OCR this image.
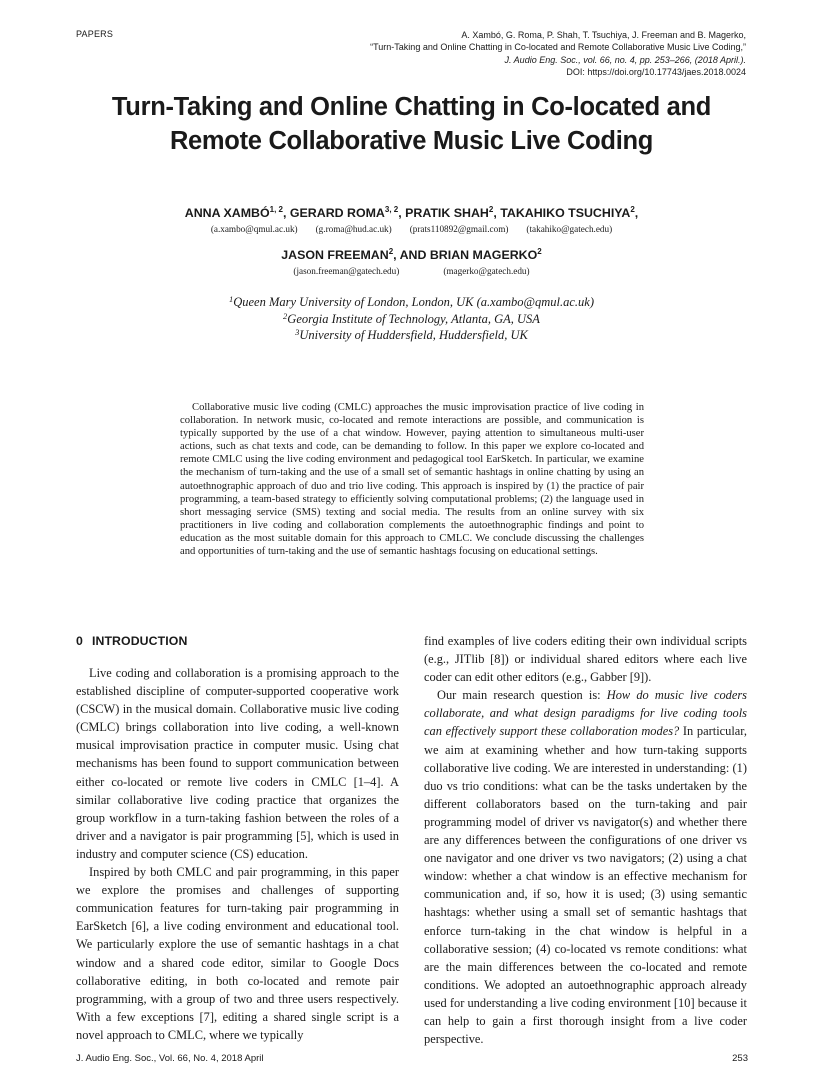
PAPERS	A. Xambó, G. Roma, P. Shah, T. Tsuchiya, J. Freeman and B. Magerko,
“Turn-Taking and Online Chatting in Co-located and Remote Collaborative Music Live Coding,”
J. Audio Eng. Soc., vol. 66, no. 4, pp. 253–266, (2018 April.).
DOI: https://doi.org/10.17743/jaes.2018.0024
Turn-Taking and Online Chatting in Co-located and
Remote Collaborative Music Live Coding
ANNA XAMBÓ$^{1, 2}$, GERARD ROMA$^{3, 2}$, PRATIK SHAH$^2$, TAKAHIKO TSUCHIYA$^2$,
(a.xambo@qmul.ac.uk) (g.roma@hud.ac.uk) (prats110892@gmail.com) (takahiko@gatech.edu)
JASON FREEMAN$^2$, AND BRIAN MAGERKO$^2$
(jason.freeman@gatech.edu)	(magerko@gatech.edu)
$^1$Queen Mary University of London, London, UK (a.xambo@qmul.ac.uk)
$^2$Georgia Institute of Technology, Atlanta, GA, USA
$^3$University of Huddersfield, Huddersfield, UK
Collaborative music live coding (CMLC) approaches the music improvisation practice of live coding in collaboration. In network music, co-located and remote interactions are possible, and communication is typically supported by the use of a chat window. However, paying attention to simultaneous multi-user actions, such as chat texts and code, can be demanding to follow. In this paper we explore co-located and remote CMLC using the live coding environment and pedagogical tool EarSketch. In particular, we examine the mechanism of turn-taking and the use of a small set of semantic hashtags in online chatting by using an autoethnographic approach of duo and trio live coding. This approach is inspired by (1) the practice of pair programming, a team-based strategy to efficiently solving computational problems; (2) the language used in short messaging service (SMS) texting and social media. The results from an online survey with six practitioners in live coding and collaboration complements the autoethnographic findings and point to education as the most suitable domain for this approach to CMLC. We conclude discussing the challenges and opportunities of turn-taking and the use of semantic hashtags focusing on educational settings.
0 INTRODUCTION

Live coding and collaboration is a promising approach to the established discipline of computer-supported cooperative work (CSCW) in the musical domain. Collaborative music live coding (CMLC) brings collaboration into live coding, a well-known musical improvisation practice in computer music. Using chat mechanisms has been found to support communication between either co-located or remote live coders in CMLC [1–4]. A similar collaborative live coding practice that organizes the group workflow in a turn-taking fashion between the roles of a driver and a navigator is pair programming [5], which is used in industry and computer science (CS) education.

Inspired by both CMLC and pair programming, in this paper we explore the promises and challenges of supporting communication features for turn-taking pair programming in EarSketch [6], a live coding environment and educational tool. We particularly explore the use of semantic hashtags in a chat window and a shared code editor, similar to Google Docs collaborative editing, in both co-located and remote pair programming, with a group of two and three users respectively. With a few exceptions [7], editing a shared single script is a novel approach to CMLC, where we typically

find examples of live coders editing their own individual scripts (e.g., JITlib [8]) or individual shared editors where each live coder can edit other editors (e.g., Gabber [9]).

Our main research question is: How do music live coders collaborate, and what design paradigms for live coding tools can effectively support these collaboration modes? In particular, we aim at examining whether and how turn-taking supports collaborative live coding. We are interested in understanding: (1) duo vs trio conditions: what can be the tasks undertaken by the different collaborators based on the turn-taking and pair programming model of driver vs navigator(s) and whether there are any differences between the configurations of one driver vs one navigator and one driver vs two navigators; (2) using a chat window: whether a chat window is an effective mechanism for communication and, if so, how it is used; (3) using semantic hashtags: whether using a small set of semantic hashtags that enforce turn-taking in the chat window is helpful in a collaborative session; (4) co-located vs remote conditions: what are the main differences between the co-located and remote conditions. We adopted an autoethnographic approach already used for understanding a live coding environment [10] because it can help to gain a first thorough insight from a live coder perspective.

J. Audio Eng. Soc., Vol. 66, No. 4, 2018 April	253
